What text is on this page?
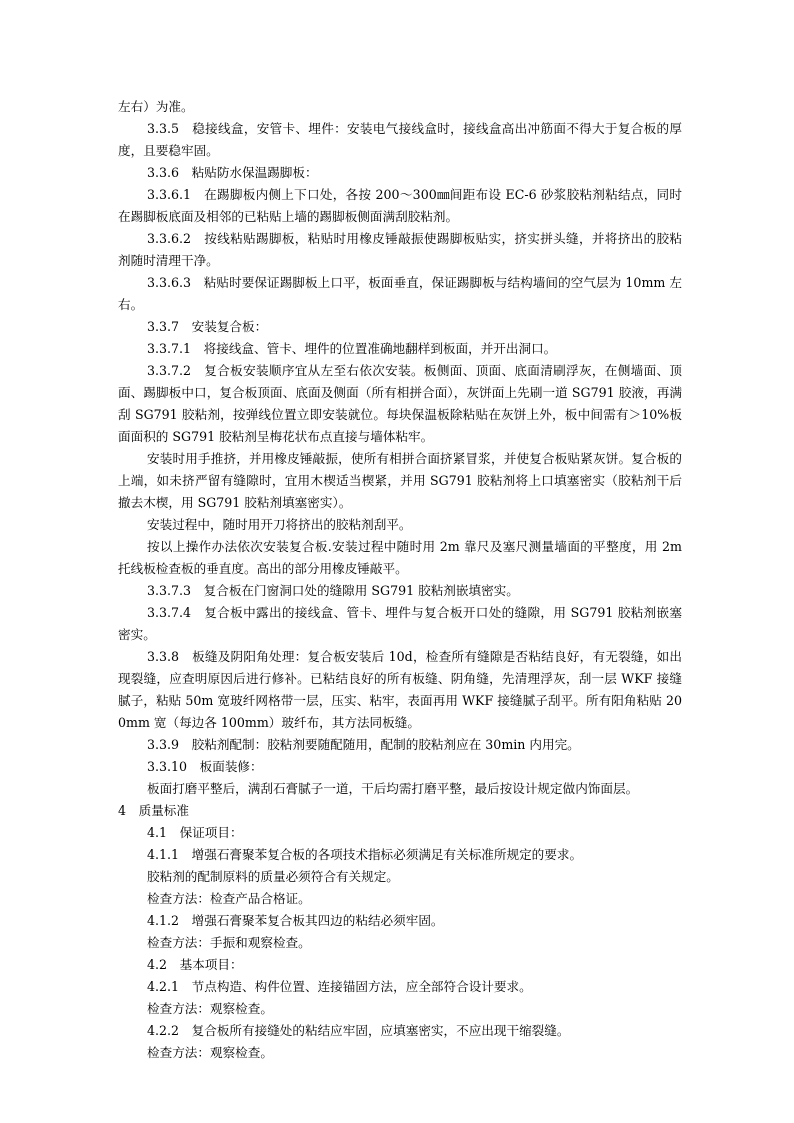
左右）为准。

3.3.5　稳接线盒，安管卡、埋件：安装电气接线盒时，接线盒高出冲筋面不得大于复合板的厚度，且要稳牢固。

3.3.6　粘贴防水保温踢脚板：

3.3.6.1　在踢脚板内侧上下口处，各按 200～300㎜间距布设 EC-6 砂浆胶粘剂粘结点，同时在踢脚板底面及相邻的已粘贴上墙的踢脚板侧面满刮胶粘剂。

3.3.6.2　按线粘贴踢脚板，粘贴时用橡皮锤敲振使踢脚板贴实，挤实拼头缝，并将挤出的胶粘剂随时清理干净。

3.3.6.3　粘贴时要保证踢脚板上口平，板面垂直，保证踢脚板与结构墙间的空气层为 10mm 左右。

3.3.7　安装复合板：

3.3.7.1　将接线盒、管卡、埋件的位置准确地翻样到板面，并开出洞口。

3.3.7.2　复合板安装顺序宜从左至右依次安装。板侧面、顶面、底面清刷浮灰，在侧墙面、顶面、踢脚板中口，复合板顶面、底面及侧面（所有相拼合面），灰饼面上先刷一道 SG791 胶液，再满刮 SG791 胶粘剂，按弹线位置立即安装就位。每块保温板除粘贴在灰饼上外，板中间需有＞10%板面面积的 SG791 胶粘剂呈梅花状布点直接与墙体粘牢。

安装时用手推挤，并用橡皮锤敲振，使所有相拼合面挤紧冒浆，并使复合板贴紧灰饼。复合板的上端，如未挤严留有缝隙时，宜用木楔适当楔紧，并用 SG791 胶粘剂将上口填塞密实（胶粘剂干后撤去木楔，用 SG791 胶粘剂填塞密实）。

安装过程中，随时用开刀将挤出的胶粘剂刮平。

按以上操作办法依次安装复合板.安装过程中随时用 2m 靠尺及塞尺测量墙面的平整度，用 2m 托线板检查板的垂直度。高出的部分用橡皮锤敲平。

3.3.7.3　复合板在门窗洞口处的缝隙用 SG791 胶粘剂嵌填密实。

3.3.7.4　复合板中露出的接线盒、管卡、埋件与复合板开口处的缝隙，用 SG791 胶粘剂嵌塞密实。

3.3.8　板缝及阴阳角处理：复合板安装后 10d，检查所有缝隙是否粘结良好，有无裂缝，如出现裂缝，应查明原因后进行修补。已粘结良好的所有板缝、阴角缝，先清理浮灰，刮一层 WKF 接缝腻子，粘贴 50m 宽玻纤网格带一层，压实、粘牢，表面再用 WKF 接缝腻子刮平。所有阳角粘贴 200mm 宽（每边各 100mm）玻纤布，其方法同板缝。

3.3.9　胶粘剂配制：胶粘剂要随配随用，配制的胶粘剂应在 30min 内用完。

3.3.10　板面装修：

板面打磨平整后，满刮石膏腻子一道，干后均需打磨平整，最后按设计规定做内饰面层。

4　质量标准

4.1　保证项目：

4.1.1　增强石膏聚苯复合板的各项技术指标必须满足有关标准所规定的要求。

胶粘剂的配制原料的质量必须符合有关规定。

检查方法：检查产品合格证。

4.1.2　增强石膏聚苯复合板其四边的粘结必须牢固。

检查方法：手振和观察检查。

4.2　基本项目：

4.2.1　节点构造、构件位置、连接锚固方法，应全部符合设计要求。

检查方法：观察检查。

4.2.2　复合板所有接缝处的粘结应牢固，应填塞密实，不应出现干缩裂缝。

检查方法：观察检查。
